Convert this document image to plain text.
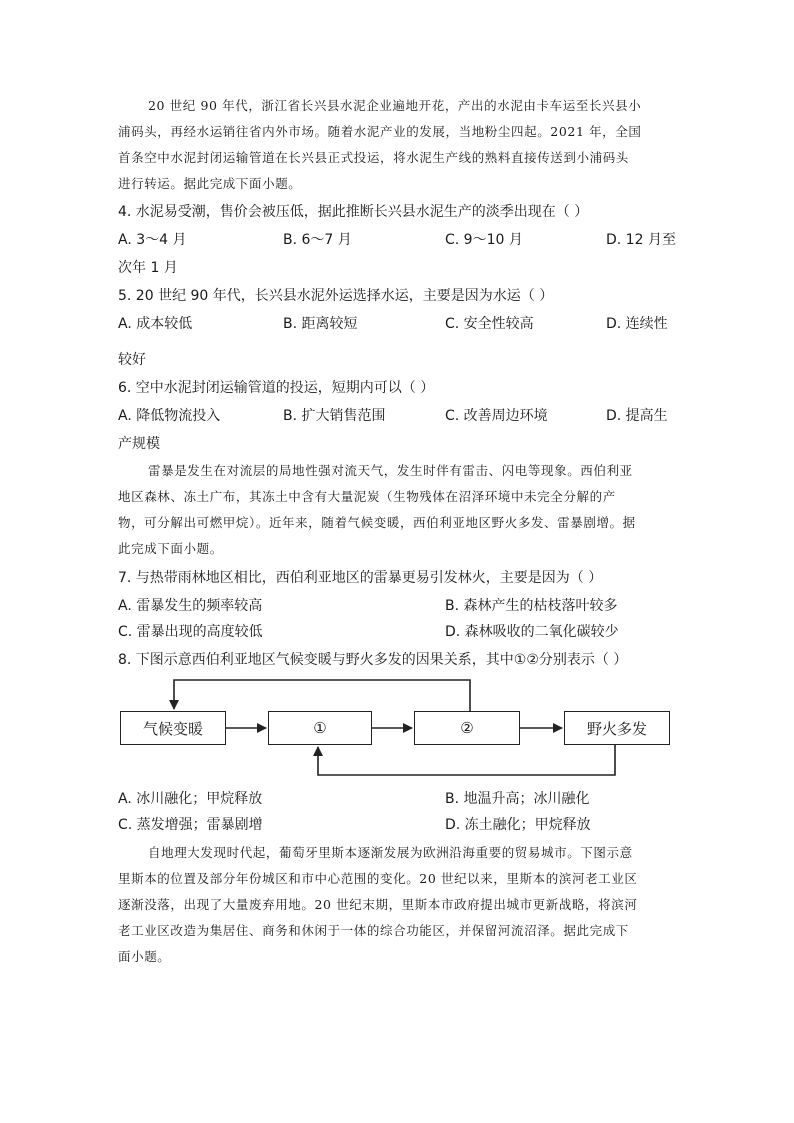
20 世纪 90 年代，浙江省长兴县水泥企业遍地开花，产出的水泥由卡车运至长兴县小
浦码头，再经水运销往省内外市场。随着水泥产业的发展，当地粉尘四起。2021 年，全国
首条空中水泥封闭运输管道在长兴县正式投运，将水泥生产线的熟料直接传送到小浦码头
进行转运。据此完成下面小题。
4. 水泥易受潮，售价会被压低，据此推断长兴县水泥生产的淡季出现在（ ）
A. 3～4 月	B. 6～7 月	C. 9～10 月	D. 12 月至
次年 1 月
5. 20 世纪 90 年代，长兴县水泥外运选择水运，主要是因为水运（ ）
A. 成本较低	B. 距离较短	C. 安全性较高	D. 连续性
较好
6. 空中水泥封闭运输管道的投运，短期内可以（ ）
A. 降低物流投入	B. 扩大销售范围	C. 改善周边环境	D. 提高生
产规模
雷暴是发生在对流层的局地性强对流天气，发生时伴有雷击、闪电等现象。西伯利亚
地区森林、冻土广布，其冻土中含有大量泥炭（生物残体在沼泽环境中未完全分解的产
物，可分解出可燃甲烷）。近年来，随着气候变暖，西伯利亚地区野火多发、雷暴剧增。据
此完成下面小题。
7. 与热带雨林地区相比，西伯利亚地区的雷暴更易引发林火，主要是因为（ ）
A. 雷暴发生的频率较高	B. 森林产生的枯枝落叶较多
C. 雷暴出现的高度较低	D. 森林吸收的二氧化碳较少
8. 下图示意西伯利亚地区气候变暖与野火多发的因果关系，其中①②分别表示（ ）
气候变暖	①	②	野火多发
A. 冰川融化；甲烷释放	B. 地温升高；冰川融化
C. 蒸发增强；雷暴剧增	D. 冻土融化；甲烷释放
自地理大发现时代起，葡萄牙里斯本逐渐发展为欧洲沿海重要的贸易城市。下图示意
里斯本的位置及部分年份城区和市中心范围的变化。20 世纪以来，里斯本的滨河老工业区
逐渐没落，出现了大量废弃用地。20 世纪末期，里斯本市政府提出城市更新战略，将滨河
老工业区改造为集居住、商务和休闲于一体的综合功能区，并保留河流沼泽。据此完成下
面小题。
